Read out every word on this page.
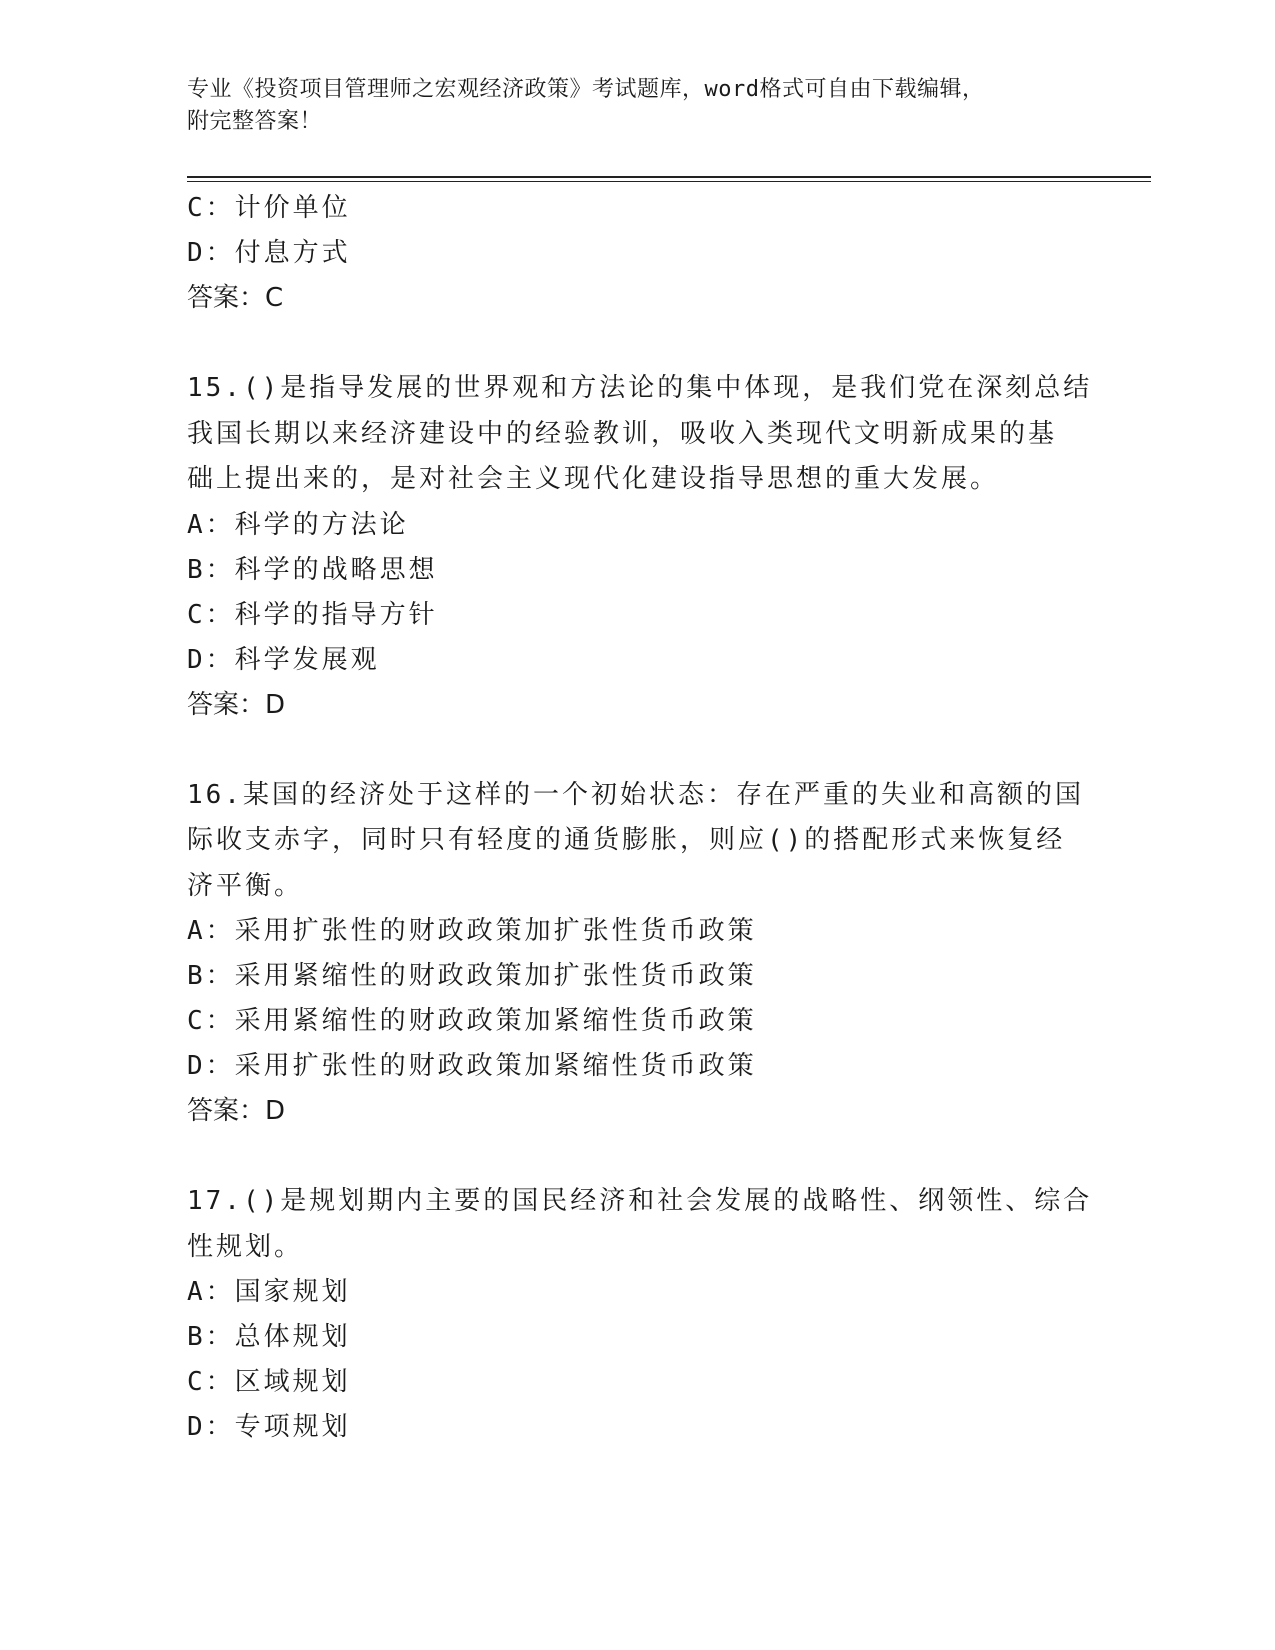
专业《投资项目管理师之宏观经济政策》考试题库，word格式可自由下载编辑，
附完整答案！
C：计价单位
D：付息方式
答案：C
15.()是指导发展的世界观和方法论的集中体现，是我们党在深刻总结
我国长期以来经济建设中的经验教训，吸收入类现代文明新成果的基
础上提出来的，是对社会主义现代化建设指导思想的重大发展。
A：科学的方法论
B：科学的战略思想
C：科学的指导方针
D：科学发展观
答案：D
16.某国的经济处于这样的一个初始状态：存在严重的失业和高额的国
际收支赤字，同时只有轻度的通货膨胀，则应()的搭配形式来恢复经
济平衡。
A：采用扩张性的财政政策加扩张性货币政策
B：采用紧缩性的财政政策加扩张性货币政策
C：采用紧缩性的财政政策加紧缩性货币政策
D：采用扩张性的财政政策加紧缩性货币政策
答案：D
17.()是规划期内主要的国民经济和社会发展的战略性、纲领性、综合
性规划。
A：国家规划
B：总体规划
C：区域规划
D：专项规划
